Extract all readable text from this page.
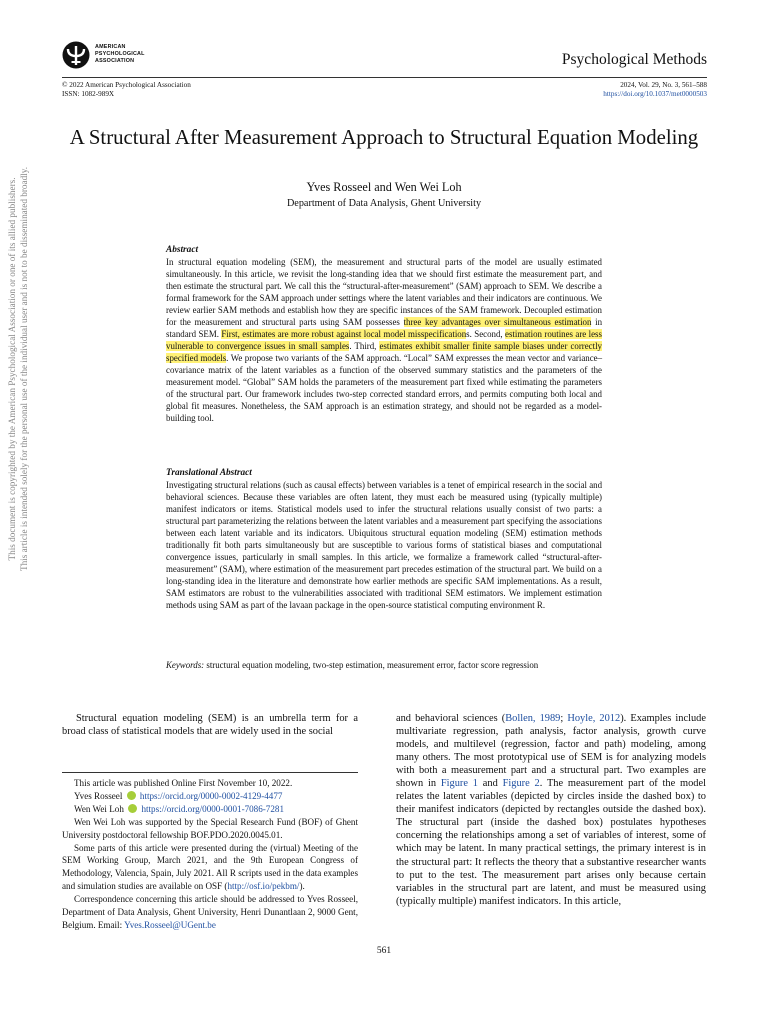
AMERICAN
PSYCHOLOGICAL
ASSOCIATION	Psychological Methods
© 2022 American Psychological Association
ISSN: 1082-989X
2024, Vol. 29, No. 3, 561–588
https://doi.org/10.1037/met0000503
A Structural After Measurement Approach to Structural Equation Modeling
Yves Rosseel and Wen Wei Loh
Department of Data Analysis, Ghent University
Abstract

In structural equation modeling (SEM), the measurement and structural parts of the model are usually estimated simultaneously. In this article, we revisit the long-standing idea that we should first estimate the measurement part, and then estimate the structural part. We call this the “structural-after-measurement” (SAM) approach to SEM. We describe a formal framework for the SAM approach under settings where the latent variables and their indicators are continuous. We review earlier SAM methods and establish how they are specific instances of the SAM framework. Decoupled estimation for the measurement and structural parts using SAM possesses three key advantages over simultaneous estimation in standard SEM. First, estimates are more robust against local model misspecifications. Second, estimation routines are less vulnerable to convergence issues in small samples. Third, estimates exhibit smaller finite sample biases under correctly specified models. We propose two variants of the SAM approach. “Local” SAM expresses the mean vector and variance–covariance matrix of the latent variables as a function of the observed summary statistics and the parameters of the measurement model. “Global” SAM holds the parameters of the measurement part fixed while estimating the parameters of the structural part. Our framework includes two-step corrected standard errors, and permits computing both local and global fit measures. Nonetheless, the SAM approach is an estimation strategy, and should not be regarded as a model-building tool.

Translational Abstract

Investigating structural relations (such as causal effects) between variables is a tenet of empirical research in the social and behavioral sciences. Because these variables are often latent, they must each be measured using (typically multiple) manifest indicators or items. Statistical models used to infer the structural relations usually consist of two parts: a structural part parameterizing the relations between the latent variables and a measurement part specifying the associations between each latent variable and its indicators. Ubiquitous structural equation modeling (SEM) estimation methods traditionally fit both parts simultaneously but are susceptible to various forms of statistical biases and computational convergence issues, particularly in small samples. In this article, we formalize a framework called “structural-after-measurement” (SAM), where estimation of the measurement part precedes estimation of the structural part. We build on a long-standing idea in the literature and demonstrate how earlier methods are specific SAM implementations. As a result, SAM estimators are robust to the vulnerabilities associated with traditional SEM estimators. We implement estimation methods using SAM as part of the lavaan package in the open-source statistical computing environment R.

Keywords: structural equation modeling, two-step estimation, measurement error, factor score regression
This document is copyrighted by the American Psychological Association or one of its allied publishers. This article is intended solely for the personal use of the individual user and is not to be disseminated broadly.

Structural equation modeling (SEM) is an umbrella term for a broad class of statistical models that are widely used in the social

and behavioral sciences (Bollen, 1989; Hoyle, 2012). Examples include multivariate regression, path analysis, factor analysis, growth curve models, and multilevel (regression, factor and path) modeling, among many others. The most prototypical use of SEM is for analyzing models with both a measurement part and a structural part. Two examples are shown in Figure 1 and Figure 2. The measurement part of the model relates the latent variables (depicted by circles inside the dashed box) to their manifest indicators (depicted by rectangles outside the dashed box). The structural part (inside the dashed box) postulates hypotheses concerning the relationships among a set of variables of interest, some of which may be latent. In many practical settings, the primary interest is in the structural part: It reflects the theory that a substantive researcher wants to put to the test. The measurement part arises only because certain variables in the structural part are latent, and must be measured using (typically multiple) manifest indicators. In this article,

This article was published Online First November 10, 2022.

Yves Rosseel https://orcid.org/0000-0002-4129-4477

Wen Wei Loh https://orcid.org/0000-0001-7086-7281

Wen Wei Loh was supported by the Special Research Fund (BOF) of Ghent University postdoctoral fellowship BOF.PDO.2020.0045.01.

Some parts of this article were presented during the (virtual) Meeting of the SEM Working Group, March 2021, and the 9th European Congress of Methodology, Valencia, Spain, July 2021. All R scripts used in the data examples and simulation studies are available on OSF (http://osf.io/pekbm/).

Correspondence concerning this article should be addressed to Yves Rosseel, Department of Data Analysis, Ghent University, Henri Dunantlaan 2, 9000 Gent, Belgium. Email: Yves.Rosseel@UGent.be

561
